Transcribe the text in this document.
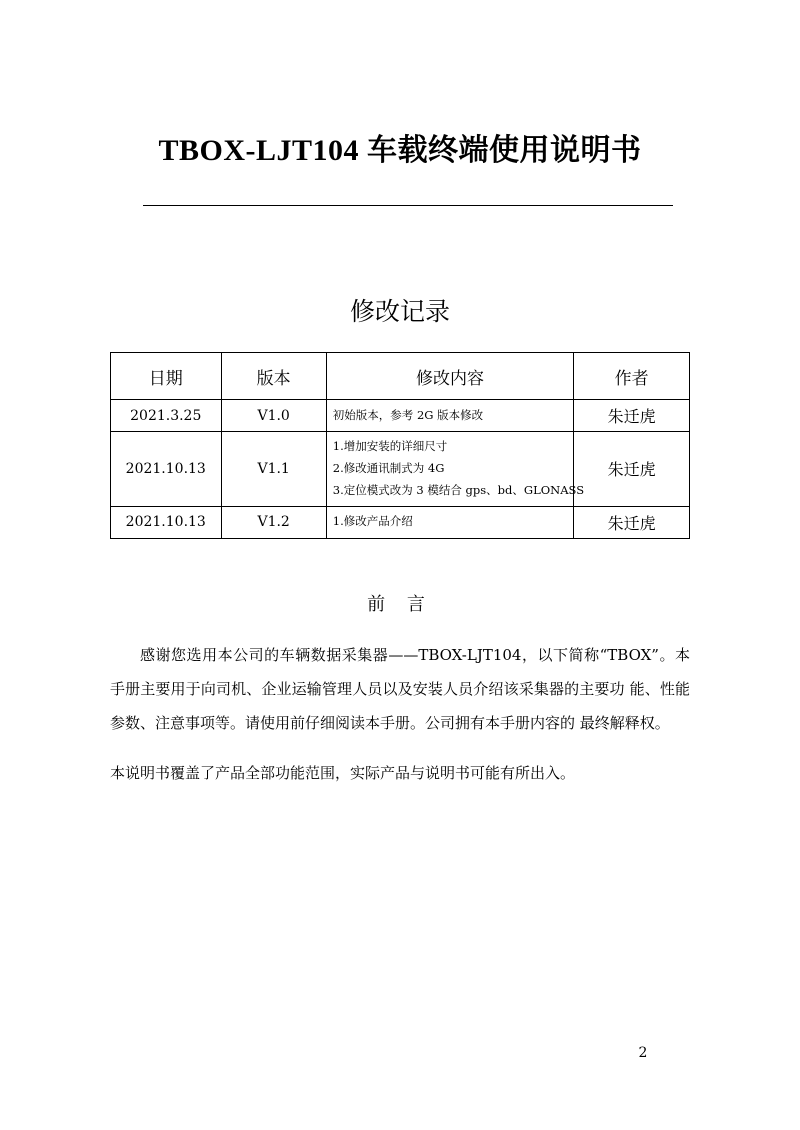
TBOX-LJT104 车载终端使用说明书
修改记录
日期	版本	修改内容	作者
2021.3.25	V1.0	初始版本，参考 2G 版本修改	朱迁虎
2021.10.13	V1.1	1.增加安装的详细尺寸
2.修改通讯制式为 4G
3.定位模式改为 3 模结合 gps、bd、GLONASS	朱迁虎
2021.10.13	V1.2	1.修改产品介绍	朱迁虎
前 言

感谢您选用本公司的车辆数据采集器——TBOX-LJT104，以下简称“TBOX”。本手册主要用于向司机、企业运输管理人员以及安装人员介绍该采集器的主要功 能、性能参数、注意事项等。请使用前仔细阅读本手册。公司拥有本手册内容的 最终解释权。

本说明书覆盖了产品全部功能范围，实际产品与说明书可能有所出入。

2
